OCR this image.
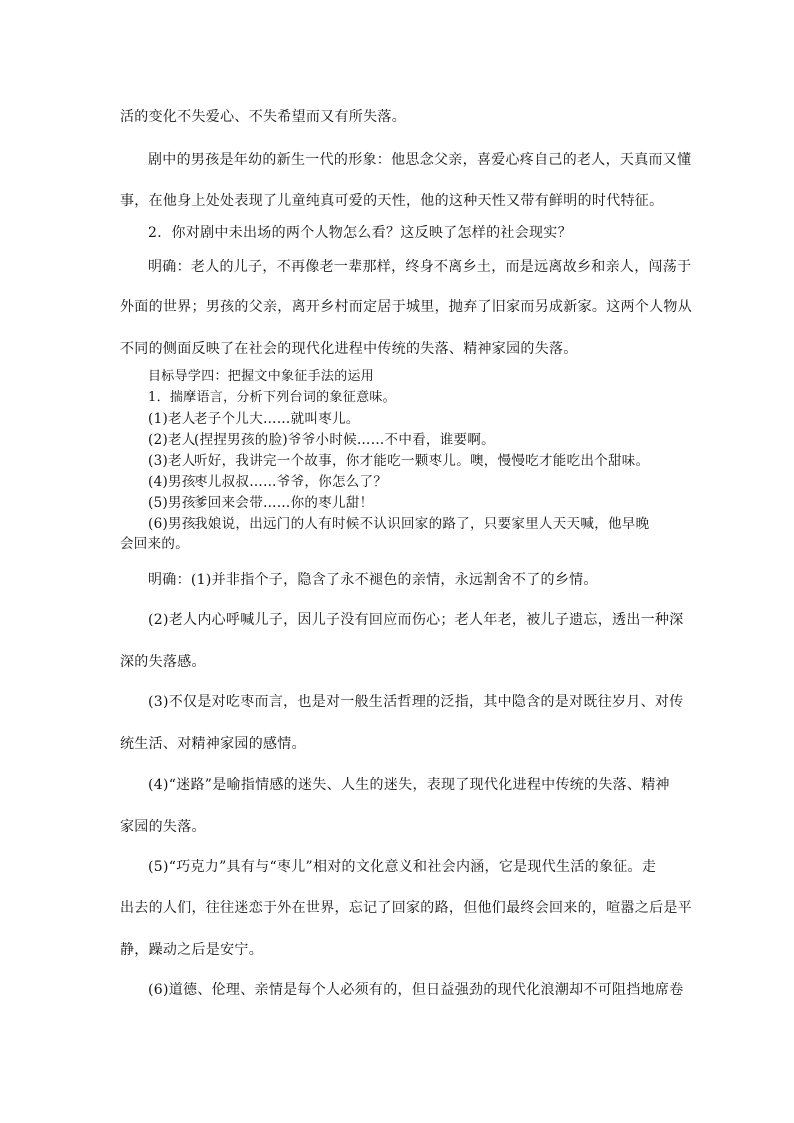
活的变化不失爱心、不失希望而又有所失落。
剧中的男孩是年幼的新生一代的形象：他思念父亲，喜爱心疼自己的老人，天真而又懂
事，在他身上处处表现了儿童纯真可爱的天性，他的这种天性又带有鲜明的时代特征。
2．你对剧中未出场的两个人物怎么看？这反映了怎样的社会现实？
明确：老人的儿子，不再像老一辈那样，终身不离乡土，而是远离故乡和亲人，闯荡于
外面的世界；男孩的父亲，离开乡村而定居于城里，抛弃了旧家而另成新家。这两个人物从
不同的侧面反映了在社会的现代化进程中传统的失落、精神家园的失落。
目标导学四：把握文中象征手法的运用
1．揣摩语言，分析下列台词的象征意味。
(1)老人老子个儿大……就叫枣儿。
(2)老人(捏捏男孩的脸)爷爷小时候……不中看，谁要啊。
(3)老人听好，我讲完一个故事，你才能吃一颗枣儿。噢，慢慢吃才能吃出个甜味。
(4)男孩枣儿叔叔……爷爷，你怎么了？
(5)男孩爹回来会带……你的枣儿甜！
(6)男孩我娘说，出远门的人有时候不认识回家的路了，只要家里人天天喊，他早晚
会回来的。
明确：(1)并非指个子，隐含了永不褪色的亲情，永远割舍不了的乡情。
(2)老人内心呼喊儿子，因儿子没有回应而伤心；老人年老，被儿子遗忘，透出一种深
深的失落感。
(3)不仅是对吃枣而言，也是对一般生活哲理的泛指，其中隐含的是对既往岁月、对传
统生活、对精神家园的感情。
(4)“迷路”是喻指情感的迷失、人生的迷失，表现了现代化进程中传统的失落、精神
家园的失落。
(5)“巧克力”具有与“枣儿”相对的文化意义和社会内涵，它是现代生活的象征。走
出去的人们，往往迷恋于外在世界，忘记了回家的路，但他们最终会回来的，喧嚣之后是平
静，躁动之后是安宁。
(6)道德、伦理、亲情是每个人必须有的，但日益强劲的现代化浪潮却不可阻挡地席卷
